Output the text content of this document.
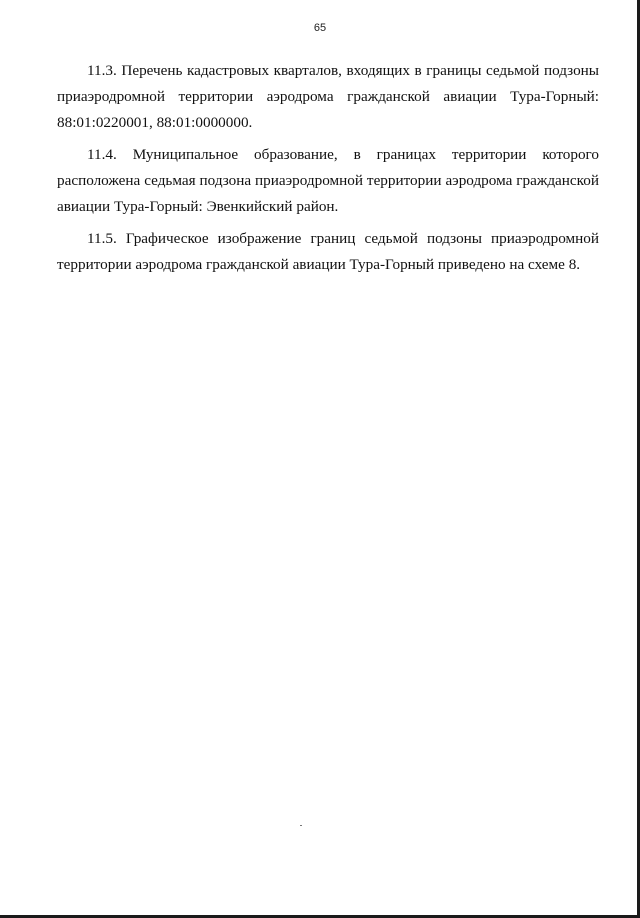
65

11.3. Перечень кадастровых кварталов, входящих в границы седьмой подзоны приаэродромной территории аэродрома гражданской авиации Тура-Горный: 88:01:0220001, 88:01:0000000.

11.4. Муниципальное образование, в границах территории которого расположена седьмая подзона приаэродромной территории аэродрома гражданской авиации Тура-Горный: Эвенкийский район.

11.5. Графическое изображение границ седьмой подзоны приаэродромной территории аэродрома гражданской авиации Тура-Горный приведено на схеме 8.
